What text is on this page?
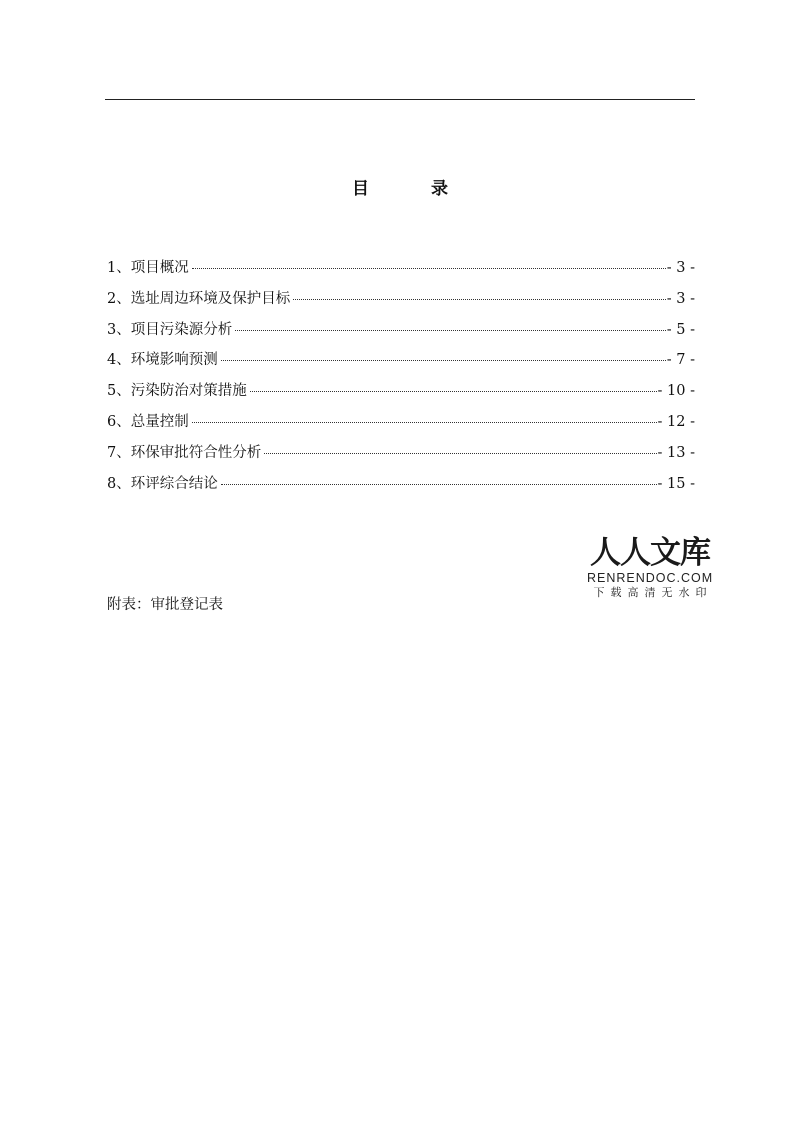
目 录
1、项目概况	- 3 -
2、选址周边环境及保护目标	- 3 -
3、项目污染源分析	- 5 -
4、环境影响预测	- 7 -
5、污染防治对策措施	- 10 -
6、总量控制	- 12 -
7、环保审批符合性分析	- 13 -
8、环评综合结论	- 15 -
人人文库
RENRENDOC.COM
下载高清无水印
附表：审批登记表
